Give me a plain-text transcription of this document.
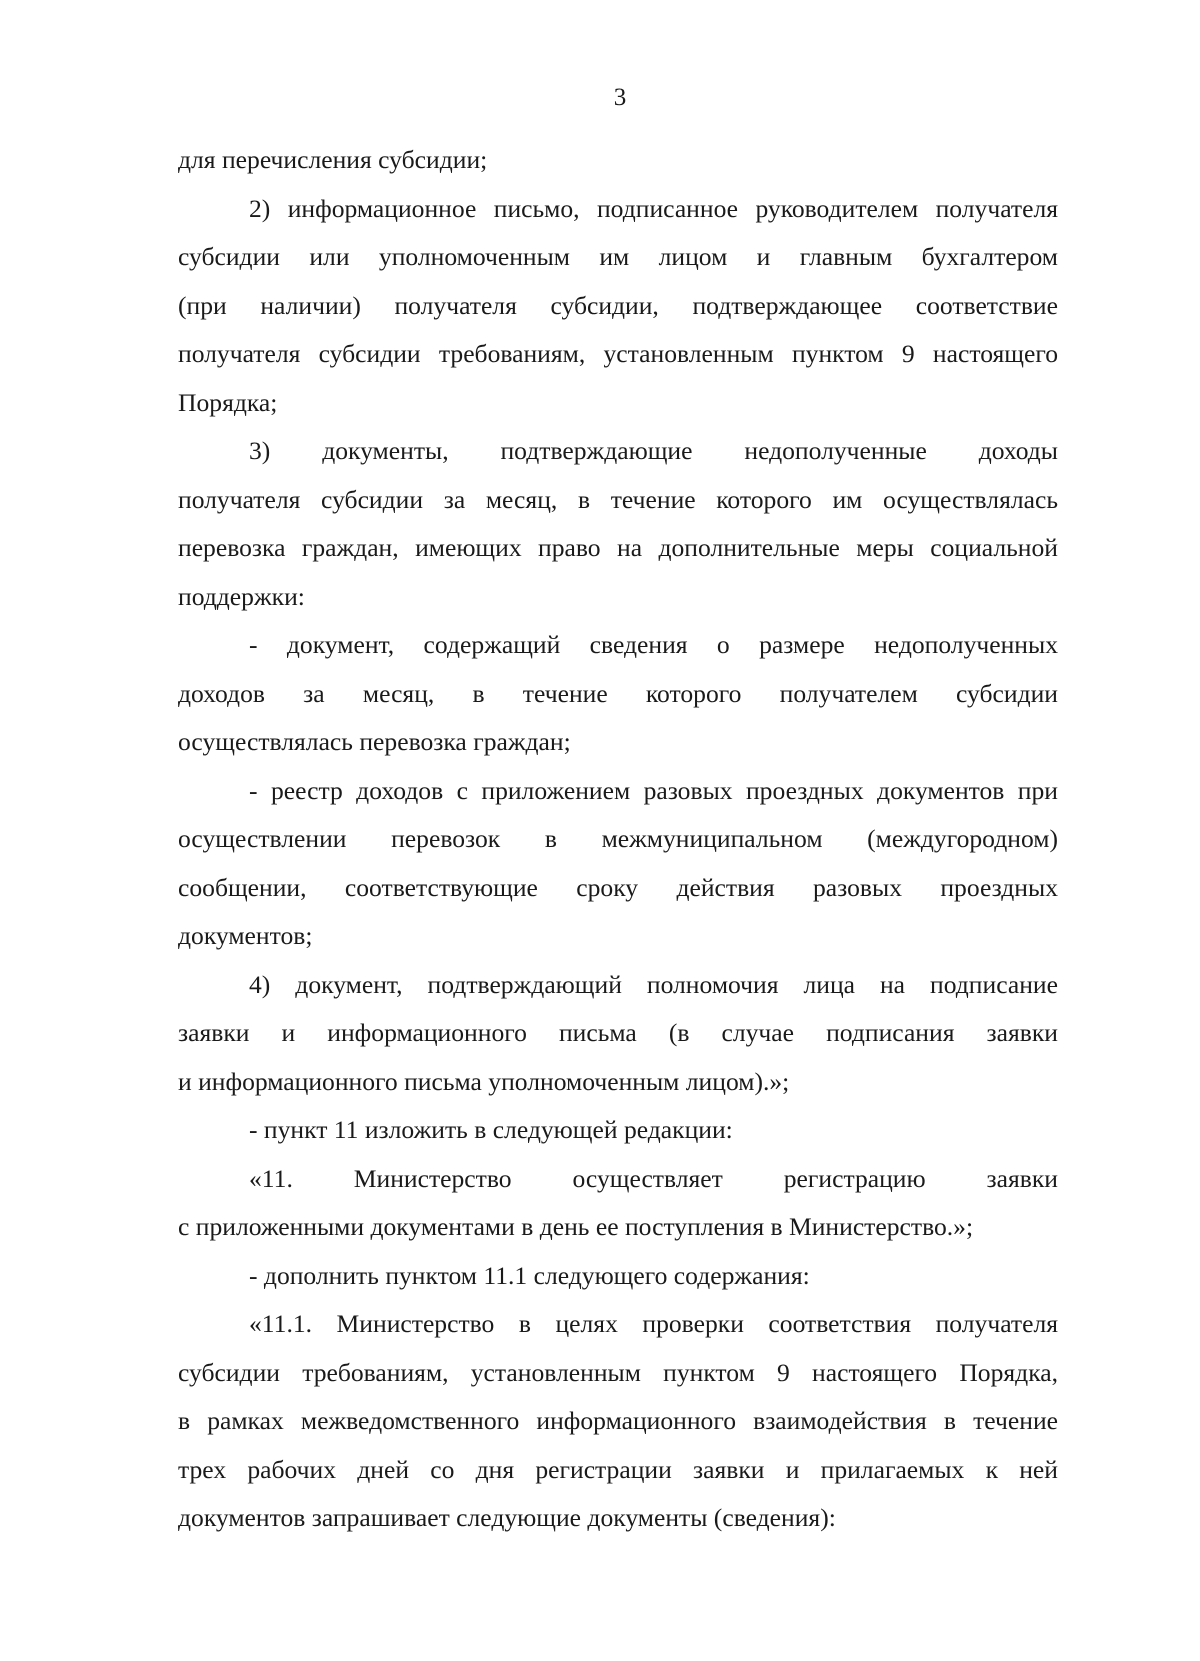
3
для перечисления субсидии;
2) информационное письмо, подписанное руководителем получателя
субсидии или уполномоченным им лицом и главным бухгалтером
(при наличии) получателя субсидии, подтверждающее соответствие
получателя субсидии требованиям, установленным пунктом 9 настоящего
Порядка;
3) документы, подтверждающие недополученные доходы
получателя субсидии за месяц, в течение которого им осуществлялась
перевозка граждан, имеющих право на дополнительные меры социальной
поддержки:
- документ, содержащий сведения о размере недополученных
доходов за месяц, в течение которого получателем субсидии
осуществлялась перевозка граждан;
- реестр доходов с приложением разовых проездных документов при
осуществлении перевозок в межмуниципальном (междугородном)
сообщении, соответствующие сроку действия разовых проездных
документов;
4) документ, подтверждающий полномочия лица на подписание
заявки и информационного письма (в случае подписания заявки
и информационного письма уполномоченным лицом).»;
- пункт 11 изложить в следующей редакции:
«11. Министерство осуществляет регистрацию заявки
с приложенными документами в день ее поступления в Министерство.»;
- дополнить пунктом 11.1 следующего содержания:
«11.1. Министерство в целях проверки соответствия получателя
субсидии требованиям, установленным пунктом 9 настоящего Порядка,
в рамках межведомственного информационного взаимодействия в течение
трех рабочих дней со дня регистрации заявки и прилагаемых к ней
документов запрашивает следующие документы (сведения):
